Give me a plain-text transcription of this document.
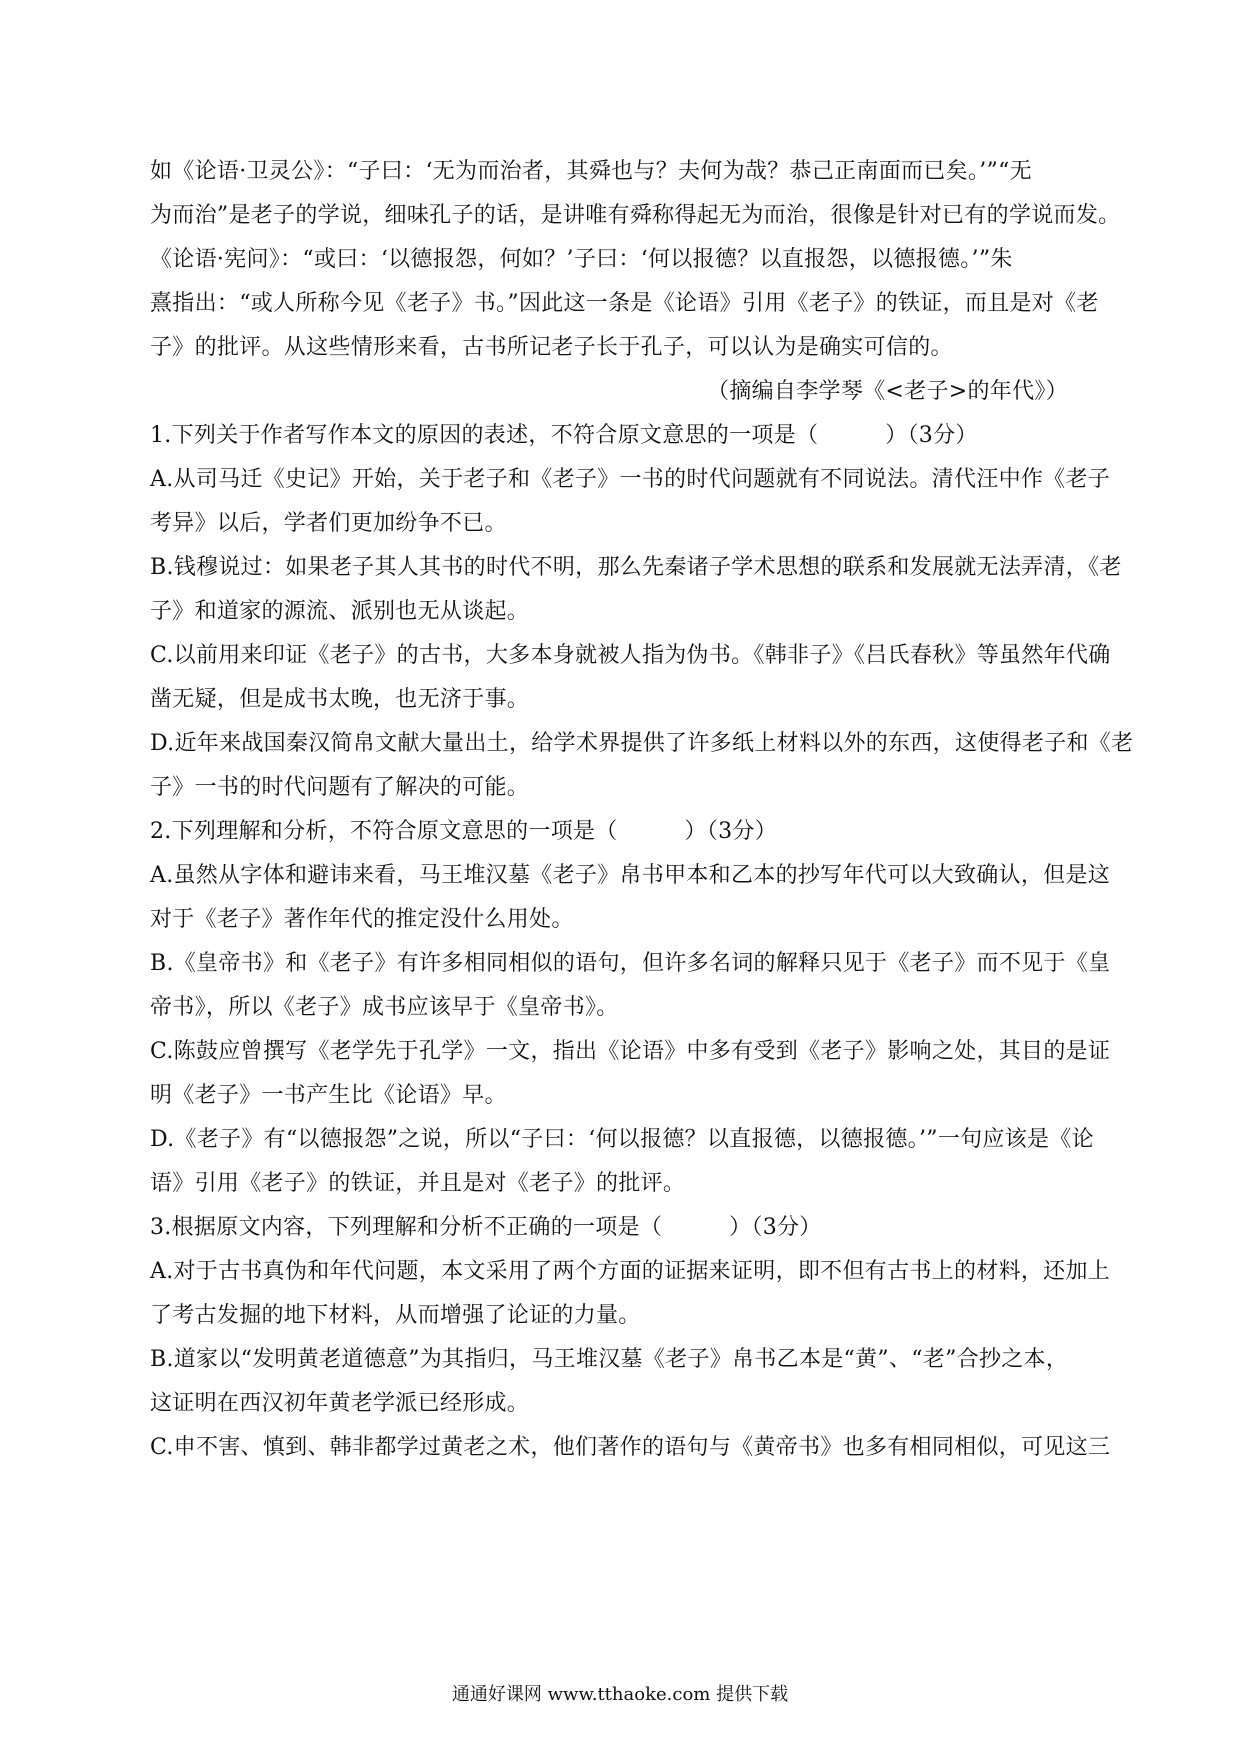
如《论语·卫灵公》：“子曰：‘无为而治者，其舜也与？夫何为哉？恭己正南面而已矣。’”“无
为而治”是老子的学说，细味孔子的话，是讲唯有舜称得起无为而治，很像是针对已有的学说而发。
《论语·宪问》：“或曰：‘以德报怨，何如？’子曰：‘何以报德？以直报怨，以德报德。’”朱
熹指出：“或人所称今见《老子》书。”因此这一条是《论语》引用《老子》的铁证，而且是对《老
子》的批评。从这些情形来看，古书所记老子长于孔子，可以认为是确实可信的。
（摘编自李学琴《<老子>的年代》）
1.下列关于作者写作本文的原因的表述，不符合原文意思的一项是（　　　）（3分）
A.从司马迁《史记》开始，关于老子和《老子》一书的时代问题就有不同说法。清代汪中作《老子
考异》以后，学者们更加纷争不已。
B.钱穆说过：如果老子其人其书的时代不明，那么先秦诸子学术思想的联系和发展就无法弄清，《老
子》和道家的源流、派别也无从谈起。
C.以前用来印证《老子》的古书，大多本身就被人指为伪书。《韩非子》《吕氏春秋》等虽然年代确
凿无疑，但是成书太晚，也无济于事。
D.近年来战国秦汉简帛文献大量出土，给学术界提供了许多纸上材料以外的东西，这使得老子和《老
子》一书的时代问题有了解决的可能。
2.下列理解和分析，不符合原文意思的一项是（　　　）（3分）
A.虽然从字体和避讳来看，马王堆汉墓《老子》帛书甲本和乙本的抄写年代可以大致确认，但是这
对于《老子》著作年代的推定没什么用处。
B.《皇帝书》和《老子》有许多相同相似的语句，但许多名词的解释只见于《老子》而不见于《皇
帝书》，所以《老子》成书应该早于《皇帝书》。
C.陈鼓应曾撰写《老学先于孔学》一文，指出《论语》中多有受到《老子》影响之处，其目的是证
明《老子》一书产生比《论语》早。
D.《老子》有“以德报怨”之说，所以“子曰：‘何以报德？以直报德，以德报德。’”一句应该是《论
语》引用《老子》的铁证，并且是对《老子》的批评。
3.根据原文内容，下列理解和分析不正确的一项是（　　　）（3分）
A.对于古书真伪和年代问题，本文采用了两个方面的证据来证明，即不但有古书上的材料，还加上
了考古发掘的地下材料，从而增强了论证的力量。
B.道家以“发明黄老道德意”为其指归，马王堆汉墓《老子》帛书乙本是“黄”、“老”合抄之本，
这证明在西汉初年黄老学派已经形成。
C.申不害、慎到、韩非都学过黄老之术，他们著作的语句与《黄帝书》也多有相同相似，可见这三
通通好课网 www.tthaoke.com 提供下载
